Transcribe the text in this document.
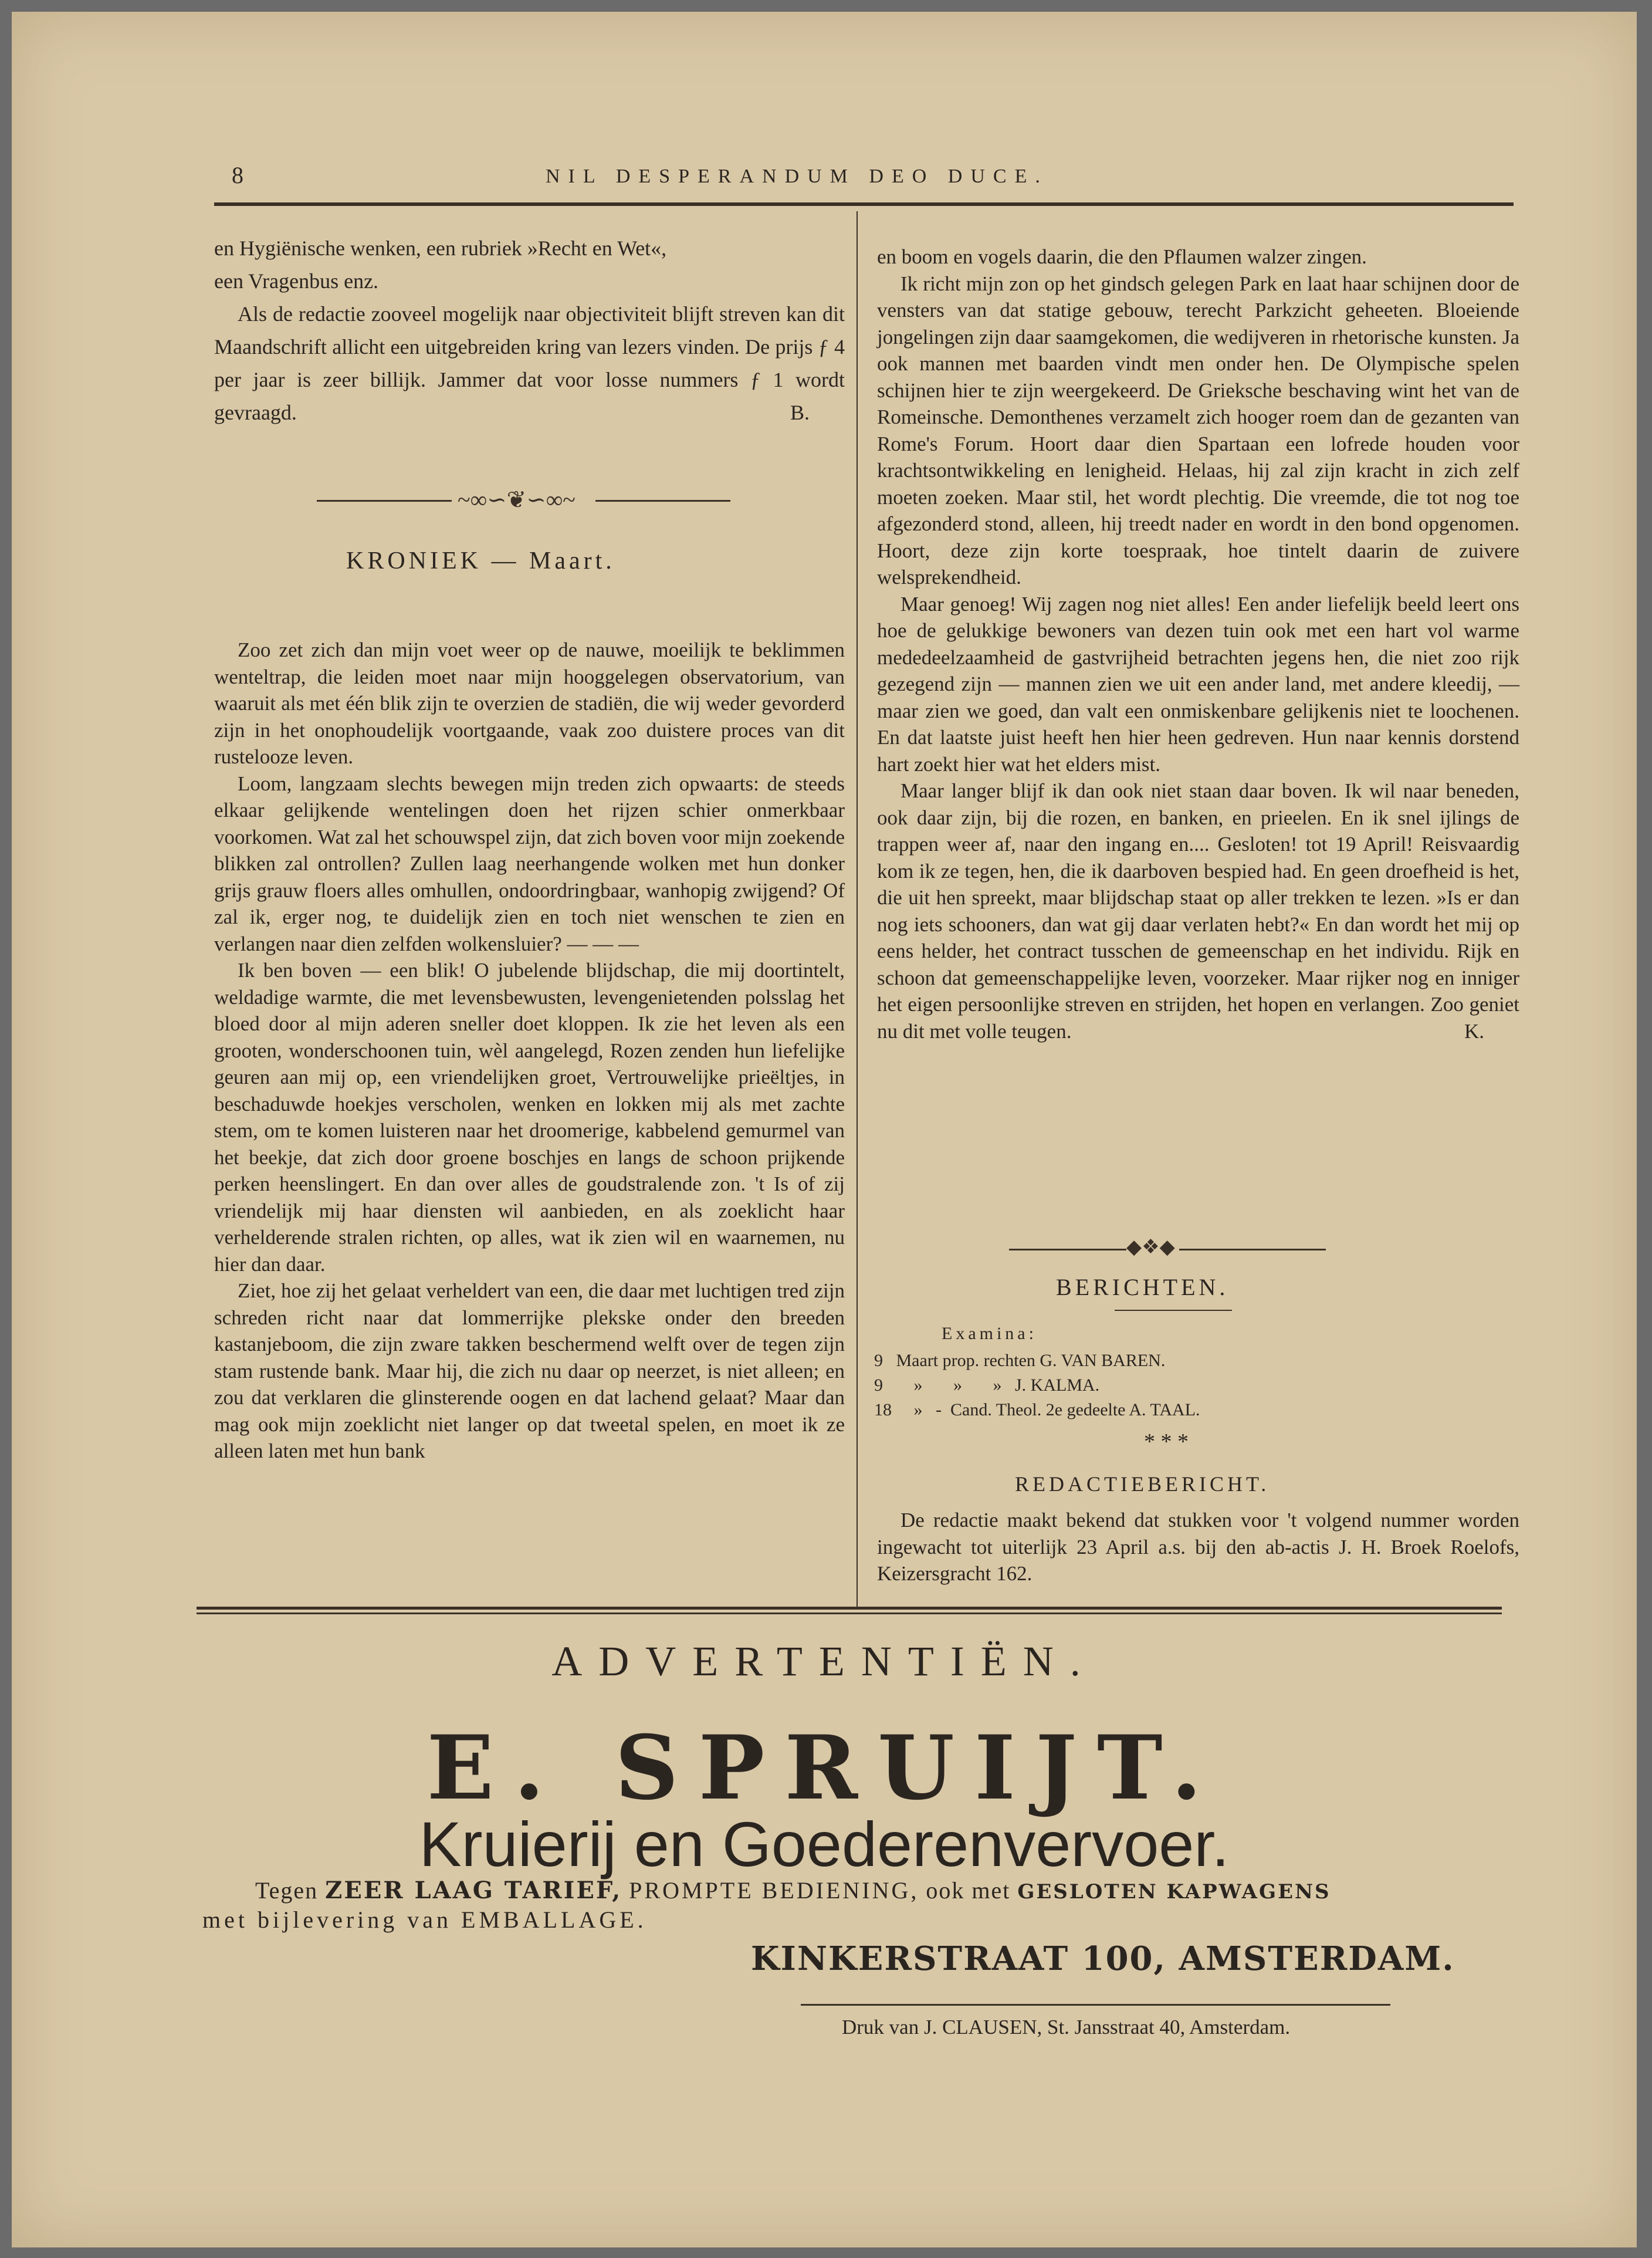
8	NIL DESPERANDUM DEO DUCE.

en Hygiënische wenken, een rubriek »Recht en Wet«,

een Vragenbus enz.

Als de redactie zooveel mogelijk naar objectiviteit blijft streven kan dit Maandschrift allicht een uitgebreiden kring van lezers vinden. De prijs ƒ 4 per jaar is zeer billijk. Jammer dat voor losse nummers ƒ 1 wordt gevraagd.	B.

~∞∽❦∽∞~
KRONIEK — Maart.

Zoo zet zich dan mijn voet weer op de nauwe, moeilijk te beklimmen wenteltrap, die leiden moet naar mijn hooggelegen observatorium, van waaruit als met één blik zijn te overzien de stadiën, die wij weder gevorderd zijn in het onophoudelijk voortgaande, vaak zoo duistere proces van dit rustelooze leven.

Loom, langzaam slechts bewegen mijn treden zich opwaarts: de steeds elkaar gelijkende wentelingen doen het rijzen schier onmerkbaar voorkomen. Wat zal het schouwspel zijn, dat zich boven voor mijn zoekende blikken zal ontrollen? Zullen laag neerhangende wolken met hun donker grijs grauw floers alles omhullen, ondoordringbaar, wanhopig zwijgend? Of zal ik, erger nog, te duidelijk zien en toch niet wenschen te zien en verlangen naar dien zelfden wolkensluier? — — —

Ik ben boven — een blik! O jubelende blijdschap, die mij doortintelt, weldadige warmte, die met levensbewusten, levengenietenden polsslag het bloed door al mijn aderen sneller doet kloppen. Ik zie het leven als een grooten, wonderschoonen tuin, wèl aangelegd, Rozen zenden hun liefelijke geuren aan mij op, een vriendelijken groet, Vertrouwelijke prieëltjes, in beschaduwde hoekjes verscholen, wenken en lokken mij als met zachte stem, om te komen luisteren naar het droomerige, kabbelend gemurmel van het beekje, dat zich door groene boschjes en langs de schoon prijkende perken heenslingert. En dan over alles de goudstralende zon. 't Is of zij vriendelijk mij haar diensten wil aanbieden, en als zoeklicht haar verhelderende stralen richten, op alles, wat ik zien wil en waarnemen, nu hier dan daar.

Ziet, hoe zij het gelaat verheldert van een, die daar met luchtigen tred zijn schreden richt naar dat lommerrijke plekske onder den breeden kastanjeboom, die zijn zware takken beschermend welft over de tegen zijn stam rustende bank. Maar hij, die zich nu daar op neerzet, is niet alleen; en zou dat verklaren die glinsterende oogen en dat lachend gelaat? Maar dan mag ook mijn zoeklicht niet langer op dat tweetal spelen, en moet ik ze alleen laten met hun bank

en boom en vogels daarin, die den Pflaumen walzer zingen.

Ik richt mijn zon op het gindsch gelegen Park en laat haar schijnen door de vensters van dat statige gebouw, terecht Parkzicht geheeten. Bloeiende jongelingen zijn daar saamgekomen, die wedijveren in rhetorische kunsten. Ja ook mannen met baarden vindt men onder hen. De Olympische spelen schijnen hier te zijn weergekeerd. De Grieksche beschaving wint het van de Romeinsche. Demonthenes verzamelt zich hooger roem dan de gezanten van Rome's Forum. Hoort daar dien Spartaan een lofrede houden voor krachtsontwikkeling en lenigheid. Helaas, hij zal zijn kracht in zich zelf moeten zoeken. Maar stil, het wordt plechtig. Die vreemde, die tot nog toe afgezonderd stond, alleen, hij treedt nader en wordt in den bond opgenomen. Hoort, deze zijn korte toespraak, hoe tintelt daarin de zuivere welsprekendheid.

Maar genoeg! Wij zagen nog niet alles! Een ander liefelijk beeld leert ons hoe de gelukkige bewoners van dezen tuin ook met een hart vol warme mededeelzaamheid de gastvrijheid betrachten jegens hen, die niet zoo rijk gezegend zijn — mannen zien we uit een ander land, met andere kleedij, — maar zien we goed, dan valt een onmiskenbare gelijkenis niet te loochenen. En dat laatste juist heeft hen hier heen gedreven. Hun naar kennis dorstend hart zoekt hier wat het elders mist.

Maar langer blijf ik dan ook niet staan daar boven. Ik wil naar beneden, ook daar zijn, bij die rozen, en banken, en prieelen. En ik snel ijlings de trappen weer af, naar den ingang en.... Gesloten! tot 19 April! Reisvaardig kom ik ze tegen, hen, die ik daarboven bespied had. En geen droefheid is het, die uit hen spreekt, maar blijdschap staat op aller trekken te lezen. »Is er dan nog iets schooners, dan wat gij daar verlaten hebt?« En dan wordt het mij op eens helder, het contract tusschen de gemeenschap en het individu. Rijk en schoon dat gemeenschappelijke leven, voorzeker. Maar rijker nog en inniger het eigen persoonlijke streven en strijden, het hopen en verlangen. Zoo geniet nu dit met volle teugen.	K.

◆❖◆
BERICHTEN.
Examina:
9 Maart prop. rechten G. VAN BAREN.
9 »       »       »   J. KALMA.
18 »   -  Cand. Theol. 2e gedeelte A. TAAL.
* * *
REDACTIEBERICHT.
De redactie maakt bekend dat stukken voor 't volgend nummer worden ingewacht tot uiterlijk 23 April a.s. bij den ab-actis J. H. Broek Roelofs, Keizersgracht 162.
ADVERTENTIËN.
E. SPRUIJT.
Kruierij en Goederenvervoer.
Tegen ZEER LAAG TARIEF, PROMPTE BEDIENING, ook met GESLOTEN KAPWAGENS
met bijlevering van EMBALLAGE.
KINKERSTRAAT 100, AMSTERDAM.
Druk van J. CLAUSEN, St. Jansstraat 40, Amsterdam.
